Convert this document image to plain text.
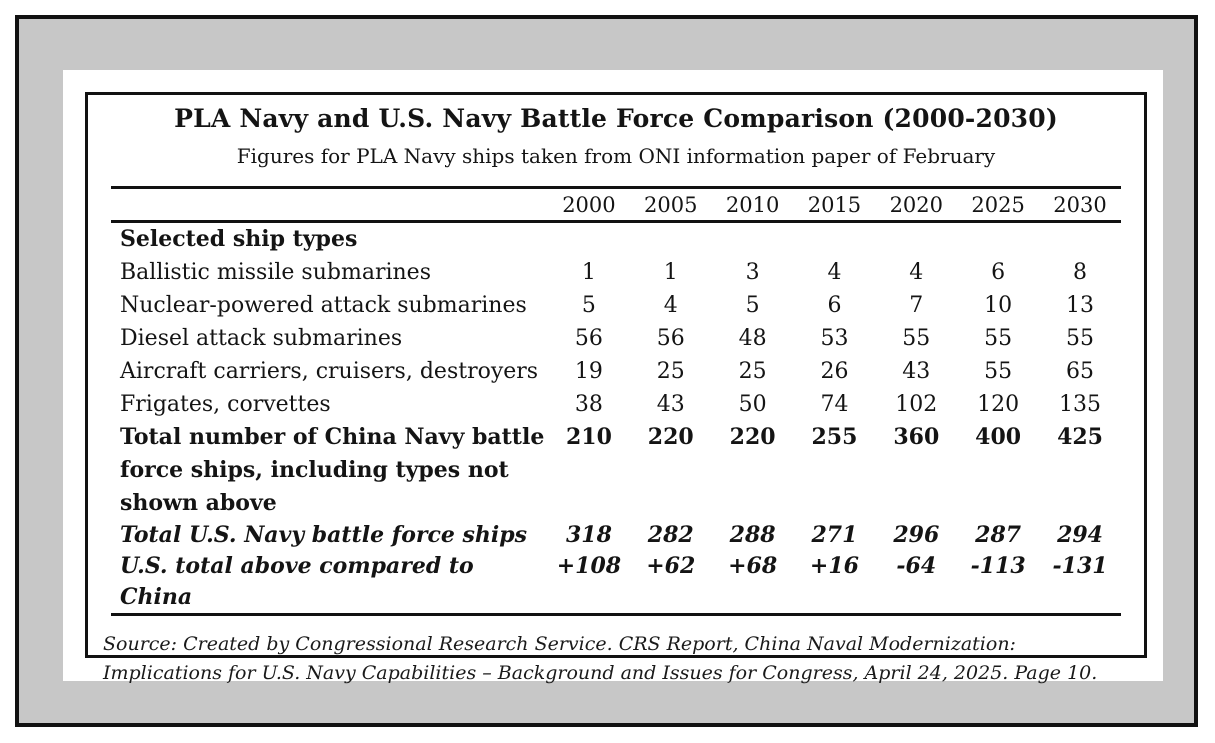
PLA Navy and U.S. Navy Battle Force Comparison (2000-2030)
Figures for PLA Navy ships taken from ONI information paper of February
	2000	2005	2010	2015	2020	2025	2030
Selected ship types							
Ballistic missile submarines	1	1	3	4	4	6	8
Nuclear-powered attack submarines	5	4	5	6	7	10	13
Diesel attack submarines	56	56	48	53	55	55	55
Aircraft carriers, cruisers, destroyers	19	25	25	26	43	55	65
Frigates, corvettes	38	43	50	74	102	120	135
Total number of China Navy battle force ships, including types not shown above	210	220	220	255	360	400	425
Total U.S. Navy battle force ships	318	282	288	271	296	287	294
U.S. total above compared to China	+108	+62	+68	+16	-64	-113	-131
Source: Created by Congressional Research Service. CRS Report, China Naval Modernization: Implications for U.S. Navy Capabilities – Background and Issues for Congress, April 24, 2025. Page 10.
